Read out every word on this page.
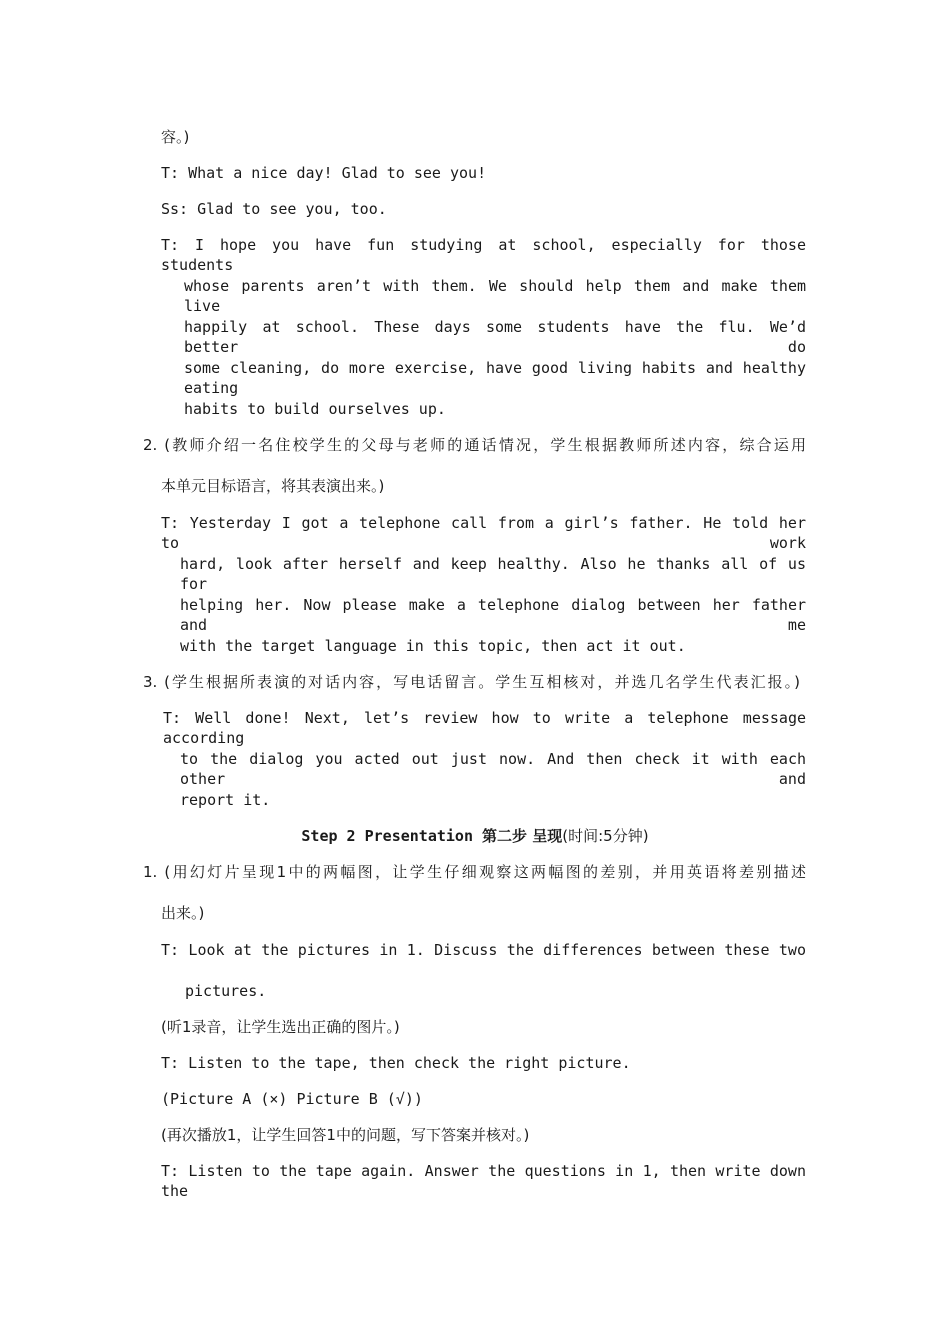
容。)
T: What a nice day! Glad to see you!
Ss: Glad to see you, too.
T: I hope you have fun studying at school, especially for those students
whose parents aren’t with them. We should help them and make them live
happily at school. These days some students have the flu. We’d better do
some cleaning, do more exercise, have good living habits and healthy eating
habits to build ourselves up.
2. (教师介绍一名住校学生的父母与老师的通话情况，学生根据教师所述内容，综合运用
本单元目标语言，将其表演出来。)
T: Yesterday I got a telephone call from a girl’s father. He told her to work
hard, look after herself and keep healthy. Also he thanks all of us for
helping her. Now please make a telephone dialog between her father and me
with the target language in this topic, then act it out.
3. (学生根据所表演的对话内容，写电话留言。学生互相核对，并选几名学生代表汇报。)
T: Well done! Next, let’s review how to write a telephone message according
to the dialog you acted out just now. And then check it with each other and
report it.
Step 2 Presentation 第二步 呈现(时间:5分钟)
1. (用幻灯片呈现1中的两幅图，让学生仔细观察这两幅图的差别，并用英语将差别描述
出来。)
T: Look at the pictures in 1. Discuss the differences between these two
pictures.
(听1录音，让学生选出正确的图片。)
T: Listen to the tape, then check the right picture.
(Picture A (×) Picture B (√))
(再次播放1，让学生回答1中的问题，写下答案并核对。)
T: Listen to the tape again. Answer the questions in 1, then write down the
